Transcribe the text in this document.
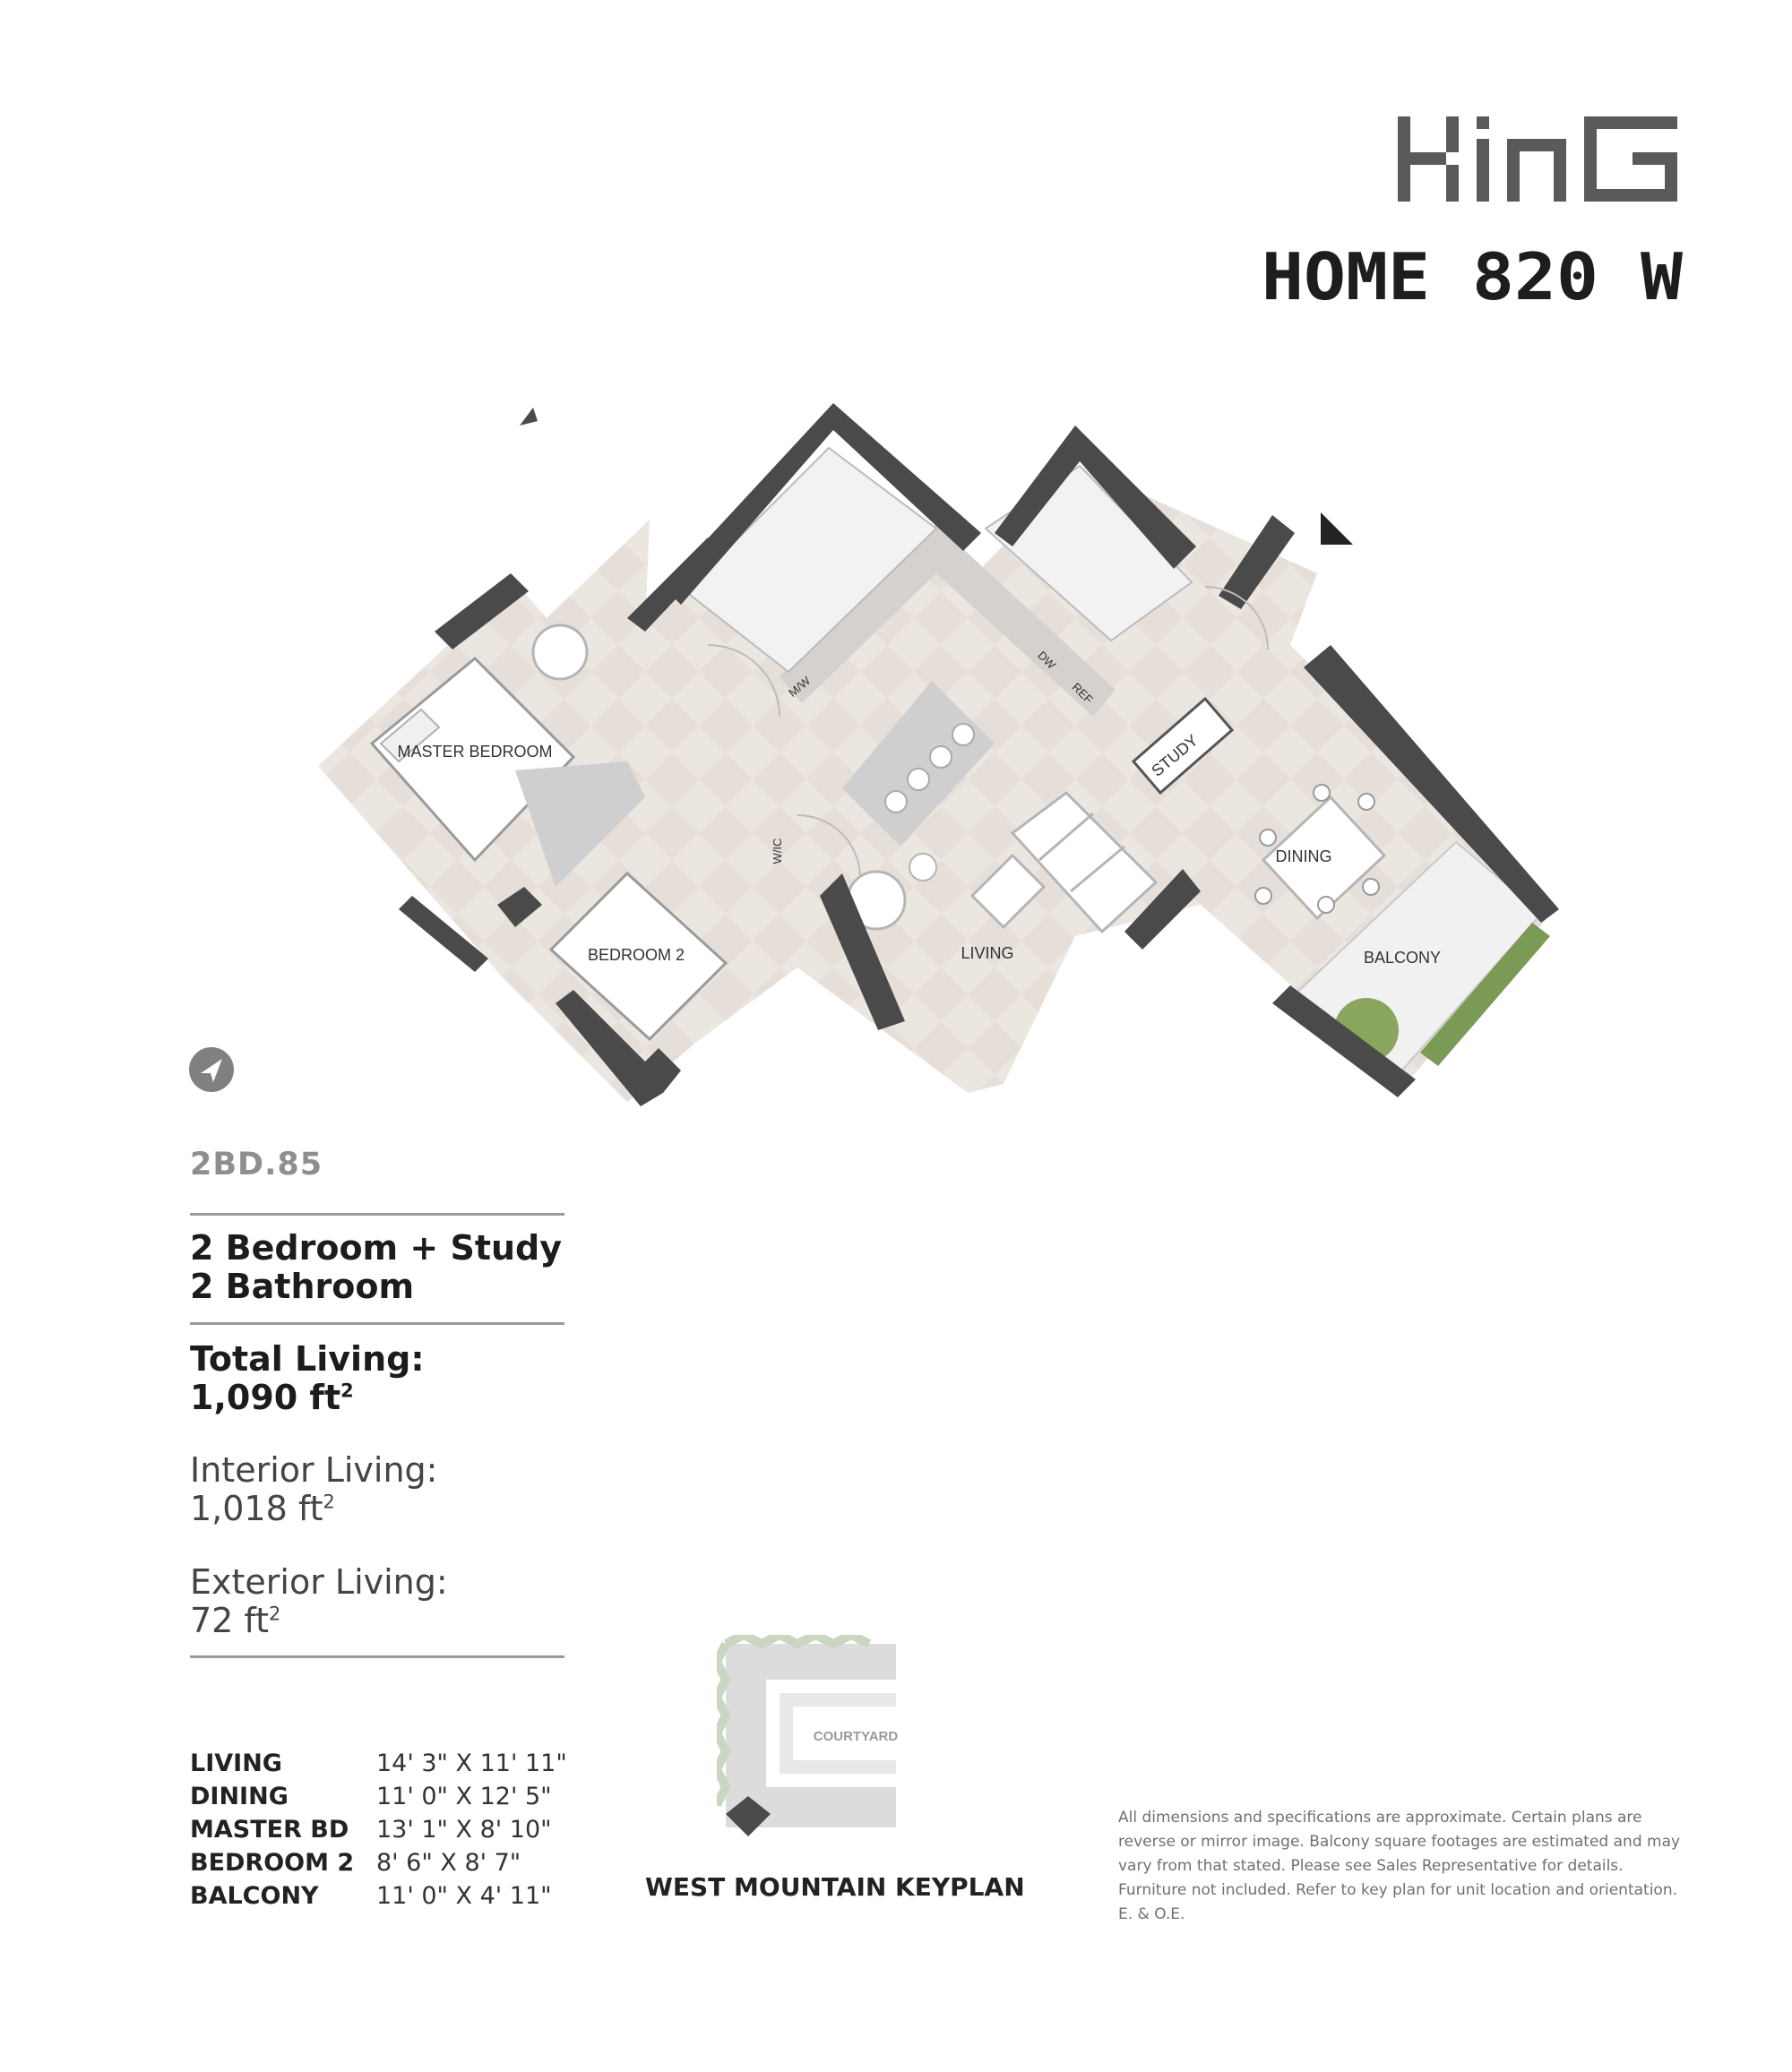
HOME 820 W
MASTER BEDROOM
BEDROOM 2	LIVING
DINING
BALCONY
STUDY
W/IC
M/W
DW
REF
2BD.85
2 Bedroom + Study
2 Bathroom
Total Living:
1,090 $ft^2$
Interior Living:
1,018 $ft^2$
Exterior Living:
72 $ft^2$
LIVING	14' 3" X 11' 11"
DINING	11' 0" X 12' 5"
MASTER BD	13' 1" X 8' 10"
BEDROOM 2	8' 6" X 8' 7"
BALCONY	11' 0" X 4' 11"
COURTYARD
WEST MOUNTAIN KEYPLAN
All dimensions and specifications are approximate. Certain plans are reverse or mirror image. Balcony square footages are estimated and may vary from that stated. Please see Sales Representative for details. Furniture not included. Refer to key plan for unit location and orientation. E. & O.E.
